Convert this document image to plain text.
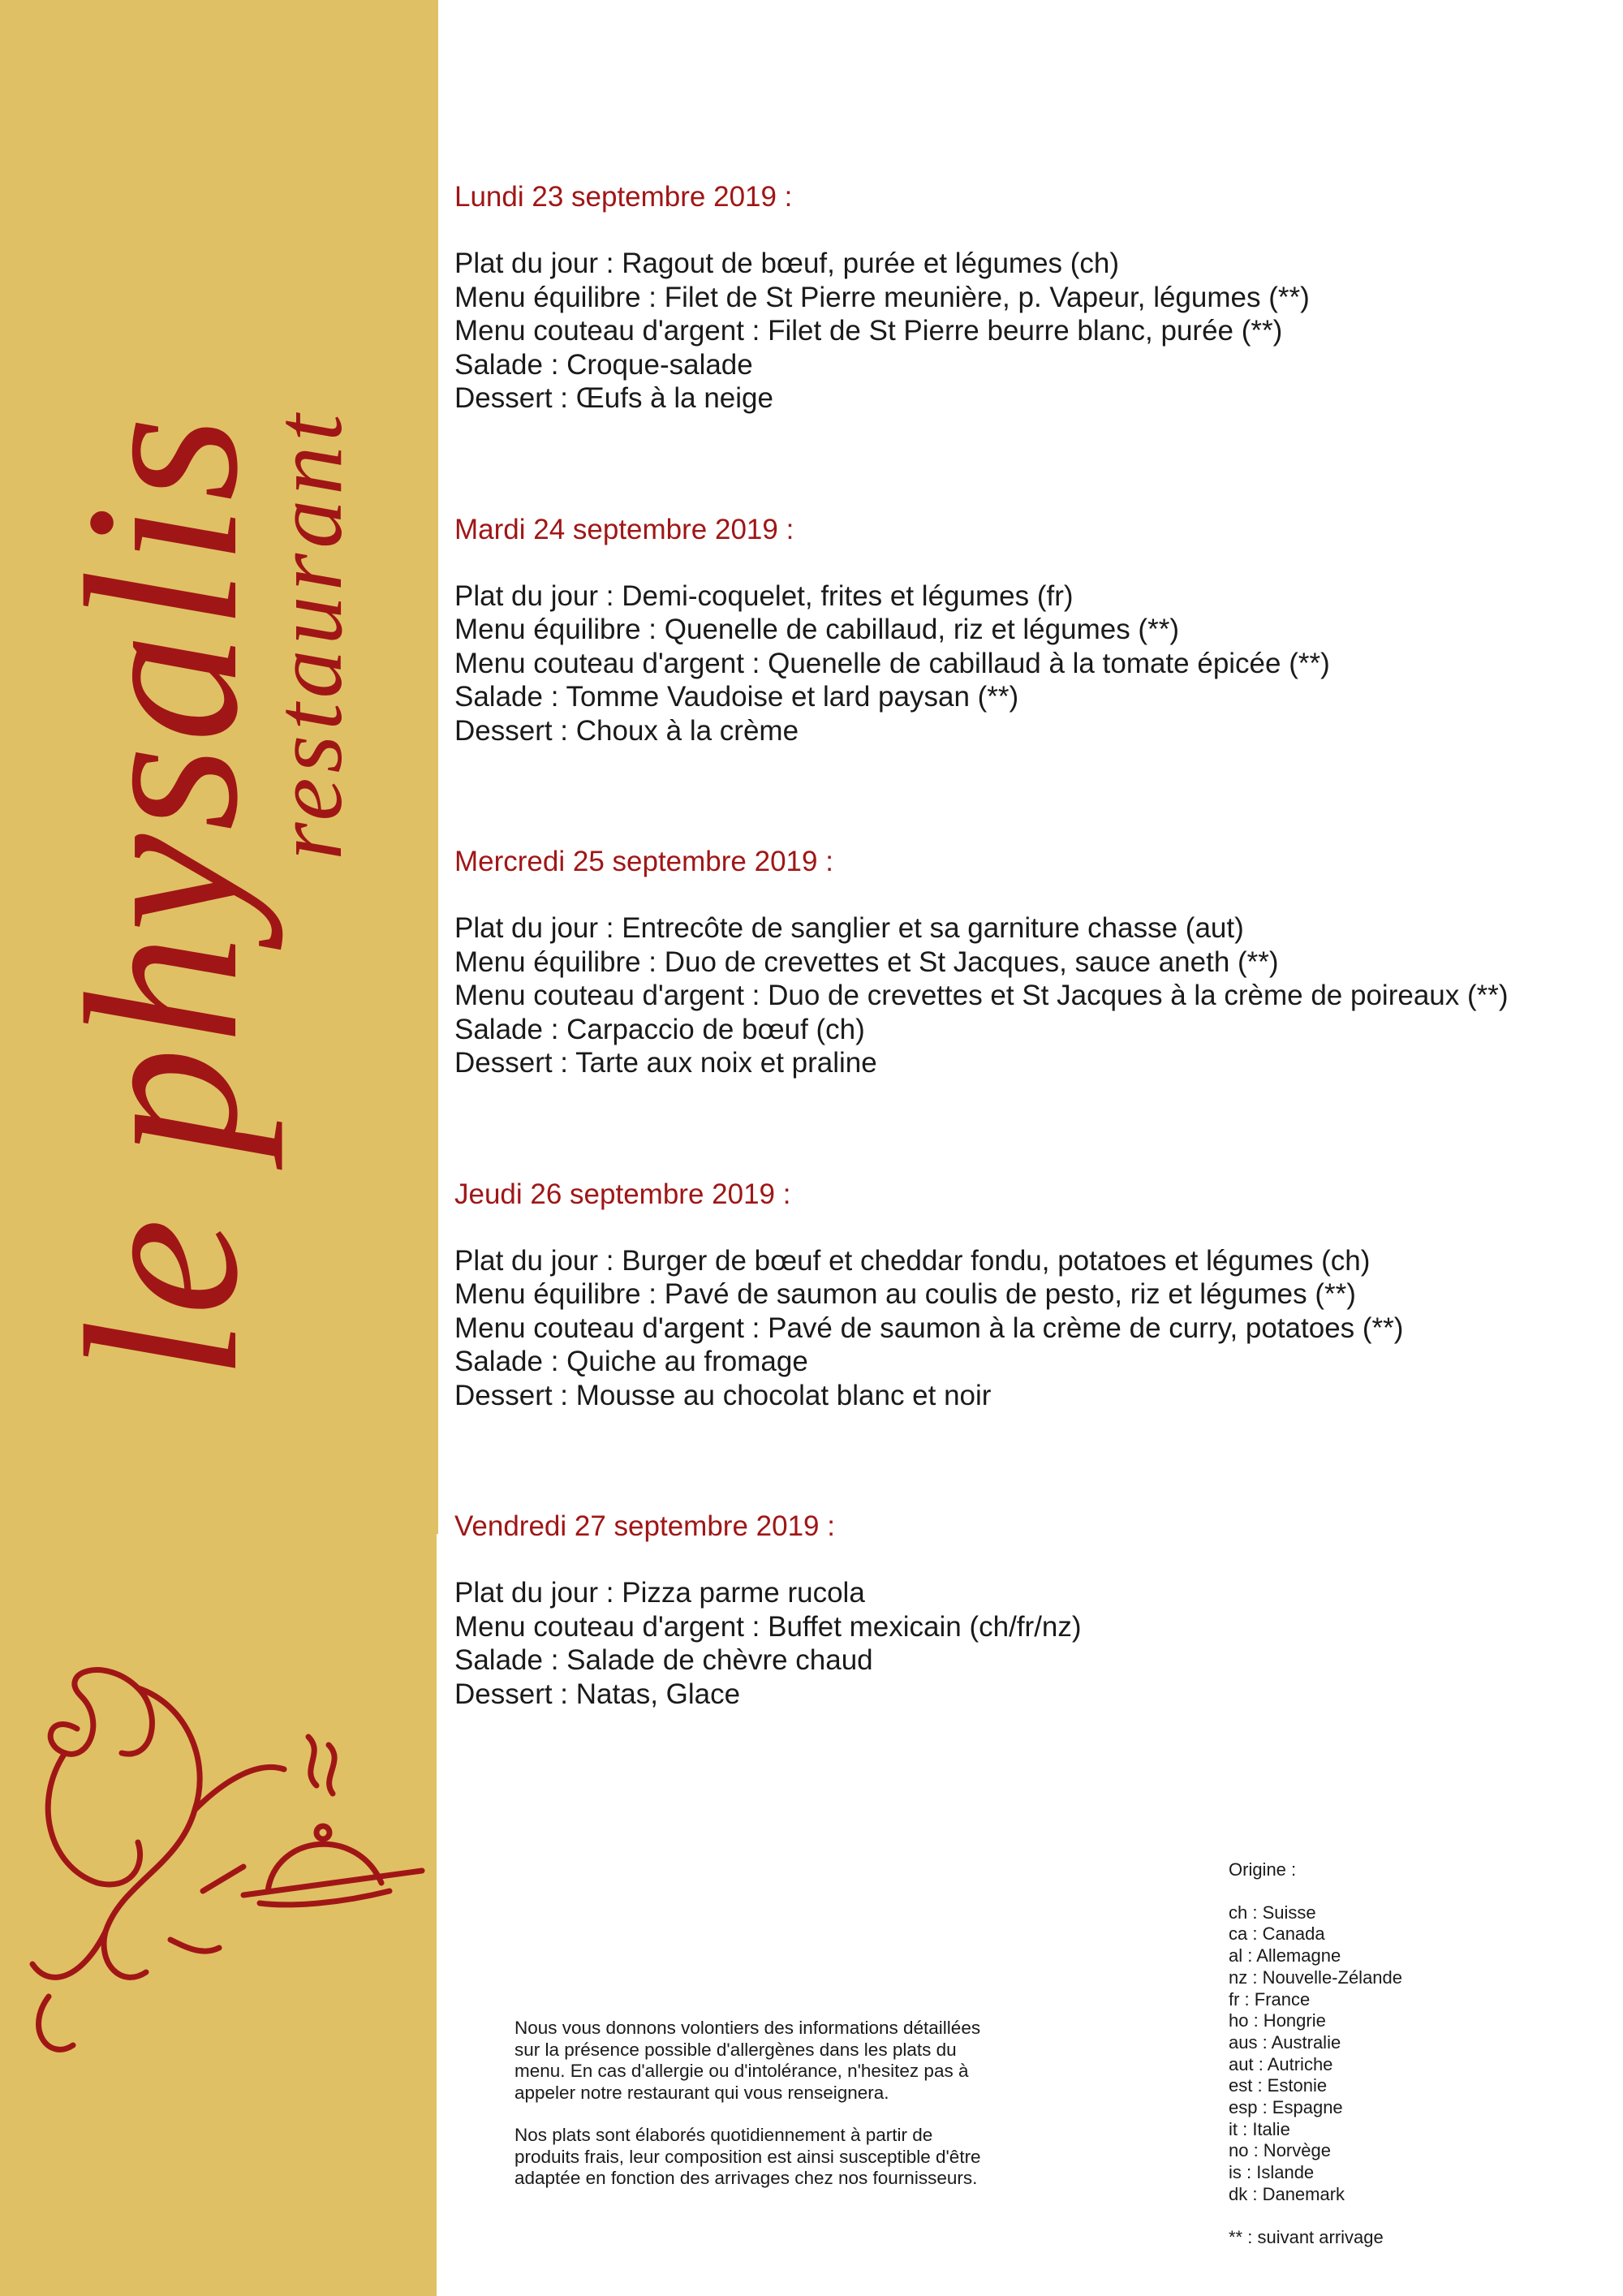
le physalis
restaurant

Lundi 23 septembre 2019 :

Plat du jour : Ragout de bœuf, purée et légumes (ch)

Menu équilibre : Filet de St Pierre meunière, p. Vapeur, légumes (**)

Menu couteau d'argent : Filet de St Pierre beurre blanc, purée (**)

Salade : Croque-salade

Dessert : Œufs à la neige

Mardi 24 septembre 2019 :

Plat du jour : Demi-coquelet, frites et légumes (fr)

Menu équilibre : Quenelle de cabillaud, riz et légumes (**)

Menu couteau d'argent : Quenelle de cabillaud à la tomate épicée (**)

Salade : Tomme Vaudoise et lard paysan (**)

Dessert : Choux à la crème

Mercredi 25 septembre 2019 :

Plat du jour : Entrecôte de sanglier et sa garniture chasse (aut)

Menu équilibre : Duo de crevettes et St Jacques, sauce aneth (**)

Menu couteau d'argent : Duo de crevettes et St Jacques à la crème de poireaux (**)

Salade : Carpaccio de bœuf (ch)

Dessert : Tarte aux noix et praline

Jeudi 26 septembre 2019 :

Plat du jour : Burger de bœuf et cheddar fondu, potatoes et légumes (ch)

Menu équilibre : Pavé de saumon au coulis de pesto, riz et légumes (**)

Menu couteau d'argent : Pavé de saumon à la crème de curry, potatoes (**)

Salade : Quiche au fromage

Dessert : Mousse au chocolat blanc et noir

Vendredi 27 septembre 2019 :

Plat du jour : Pizza parme rucola

Menu couteau d'argent : Buffet mexicain (ch/fr/nz)

Salade : Salade de chèvre chaud

Dessert : Natas, Glace

Nous vous donnons volontiers des informations détaillées
sur la présence possible d'allergènes dans les plats du
menu. En cas d'allergie ou d'intolérance, n'hesitez pas à
appeler notre restaurant qui vous renseignera.

Nos plats sont élaborés quotidiennement à partir de
produits frais, leur composition est ainsi susceptible d'être
adaptée en fonction des arrivages chez nos fournisseurs.

Origine :
ch : Suisse
ca : Canada
al : Allemagne
nz : Nouvelle-Zélande
fr : France
ho : Hongrie
aus : Australie
aut : Autriche
est : Estonie
esp : Espagne
it : Italie
no : Norvège
is : Islande
dk : Danemark
** : suivant arrivage
